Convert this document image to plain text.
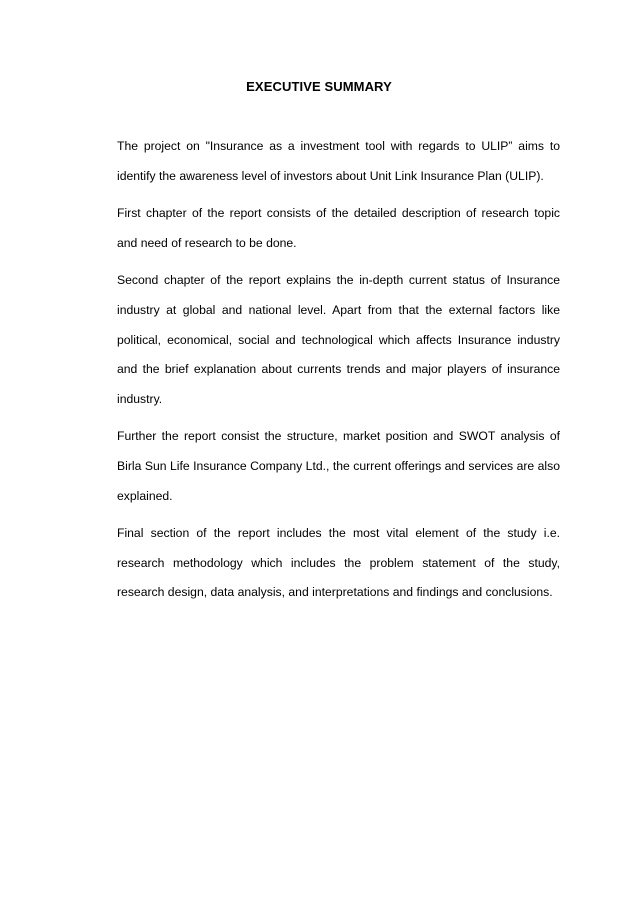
EXECUTIVE SUMMARY

The project on "Insurance as a investment tool with regards to ULIP” aims to identify the awareness level of investors about Unit Link Insurance Plan (ULIP).

First chapter of the report consists of the detailed description of research topic and need of research to be done.

Second chapter of the report explains the in-depth current status of Insurance industry at global and national level. Apart from that the external factors like political, economical, social and technological which affects Insurance industry and the brief explanation about currents trends and major players of insurance industry.

Further the report consist the structure, market position and SWOT analysis of Birla Sun Life Insurance Company Ltd., the current offerings and services are also explained.

Final section of the report includes the most vital element of the study i.e. research methodology which includes the problem statement of the study, research design, data analysis, and interpretations and findings and conclusions.
